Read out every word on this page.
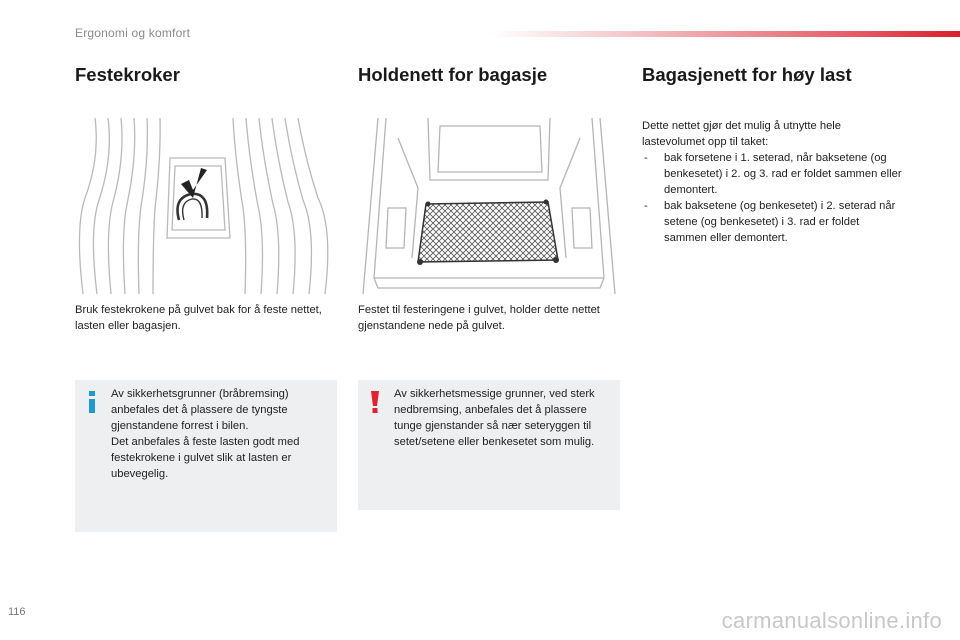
Ergonomi og komfort
Festekroker
Bruk festekrokene på gulvet bak for å feste nettet, lasten eller bagasjen.
Av sikkerhetsgrunner (bråbremsing) anbefales det å plassere de tyngste gjenstandene forrest i bilen.
Det anbefales å feste lasten godt med festekrokene i gulvet slik at lasten er ubevegelig.
Holdenett for bagasje
Festet til festeringene i gulvet, holder dette nettet gjenstandene nede på gulvet.
Av sikkerhetsmessige grunner, ved sterk nedbremsing, anbefales det å plassere tunge gjenstander så nær seteryggen til setet/setene eller benkesetet som mulig.
Bagasjenett for høy last
Dette nettet gjør det mulig å utnytte hele lastevolumet opp til taket:
- bak forsetene i 1. seterad, når baksetene (og benkesetet) i 2. og 3. rad er foldet sammen eller demontert.
- bak baksetene (og benkesetet) i 2. seterad når setene (og benkesetet) i 3. rad er foldet sammen eller demontert.
116	carmanualsonline.info
